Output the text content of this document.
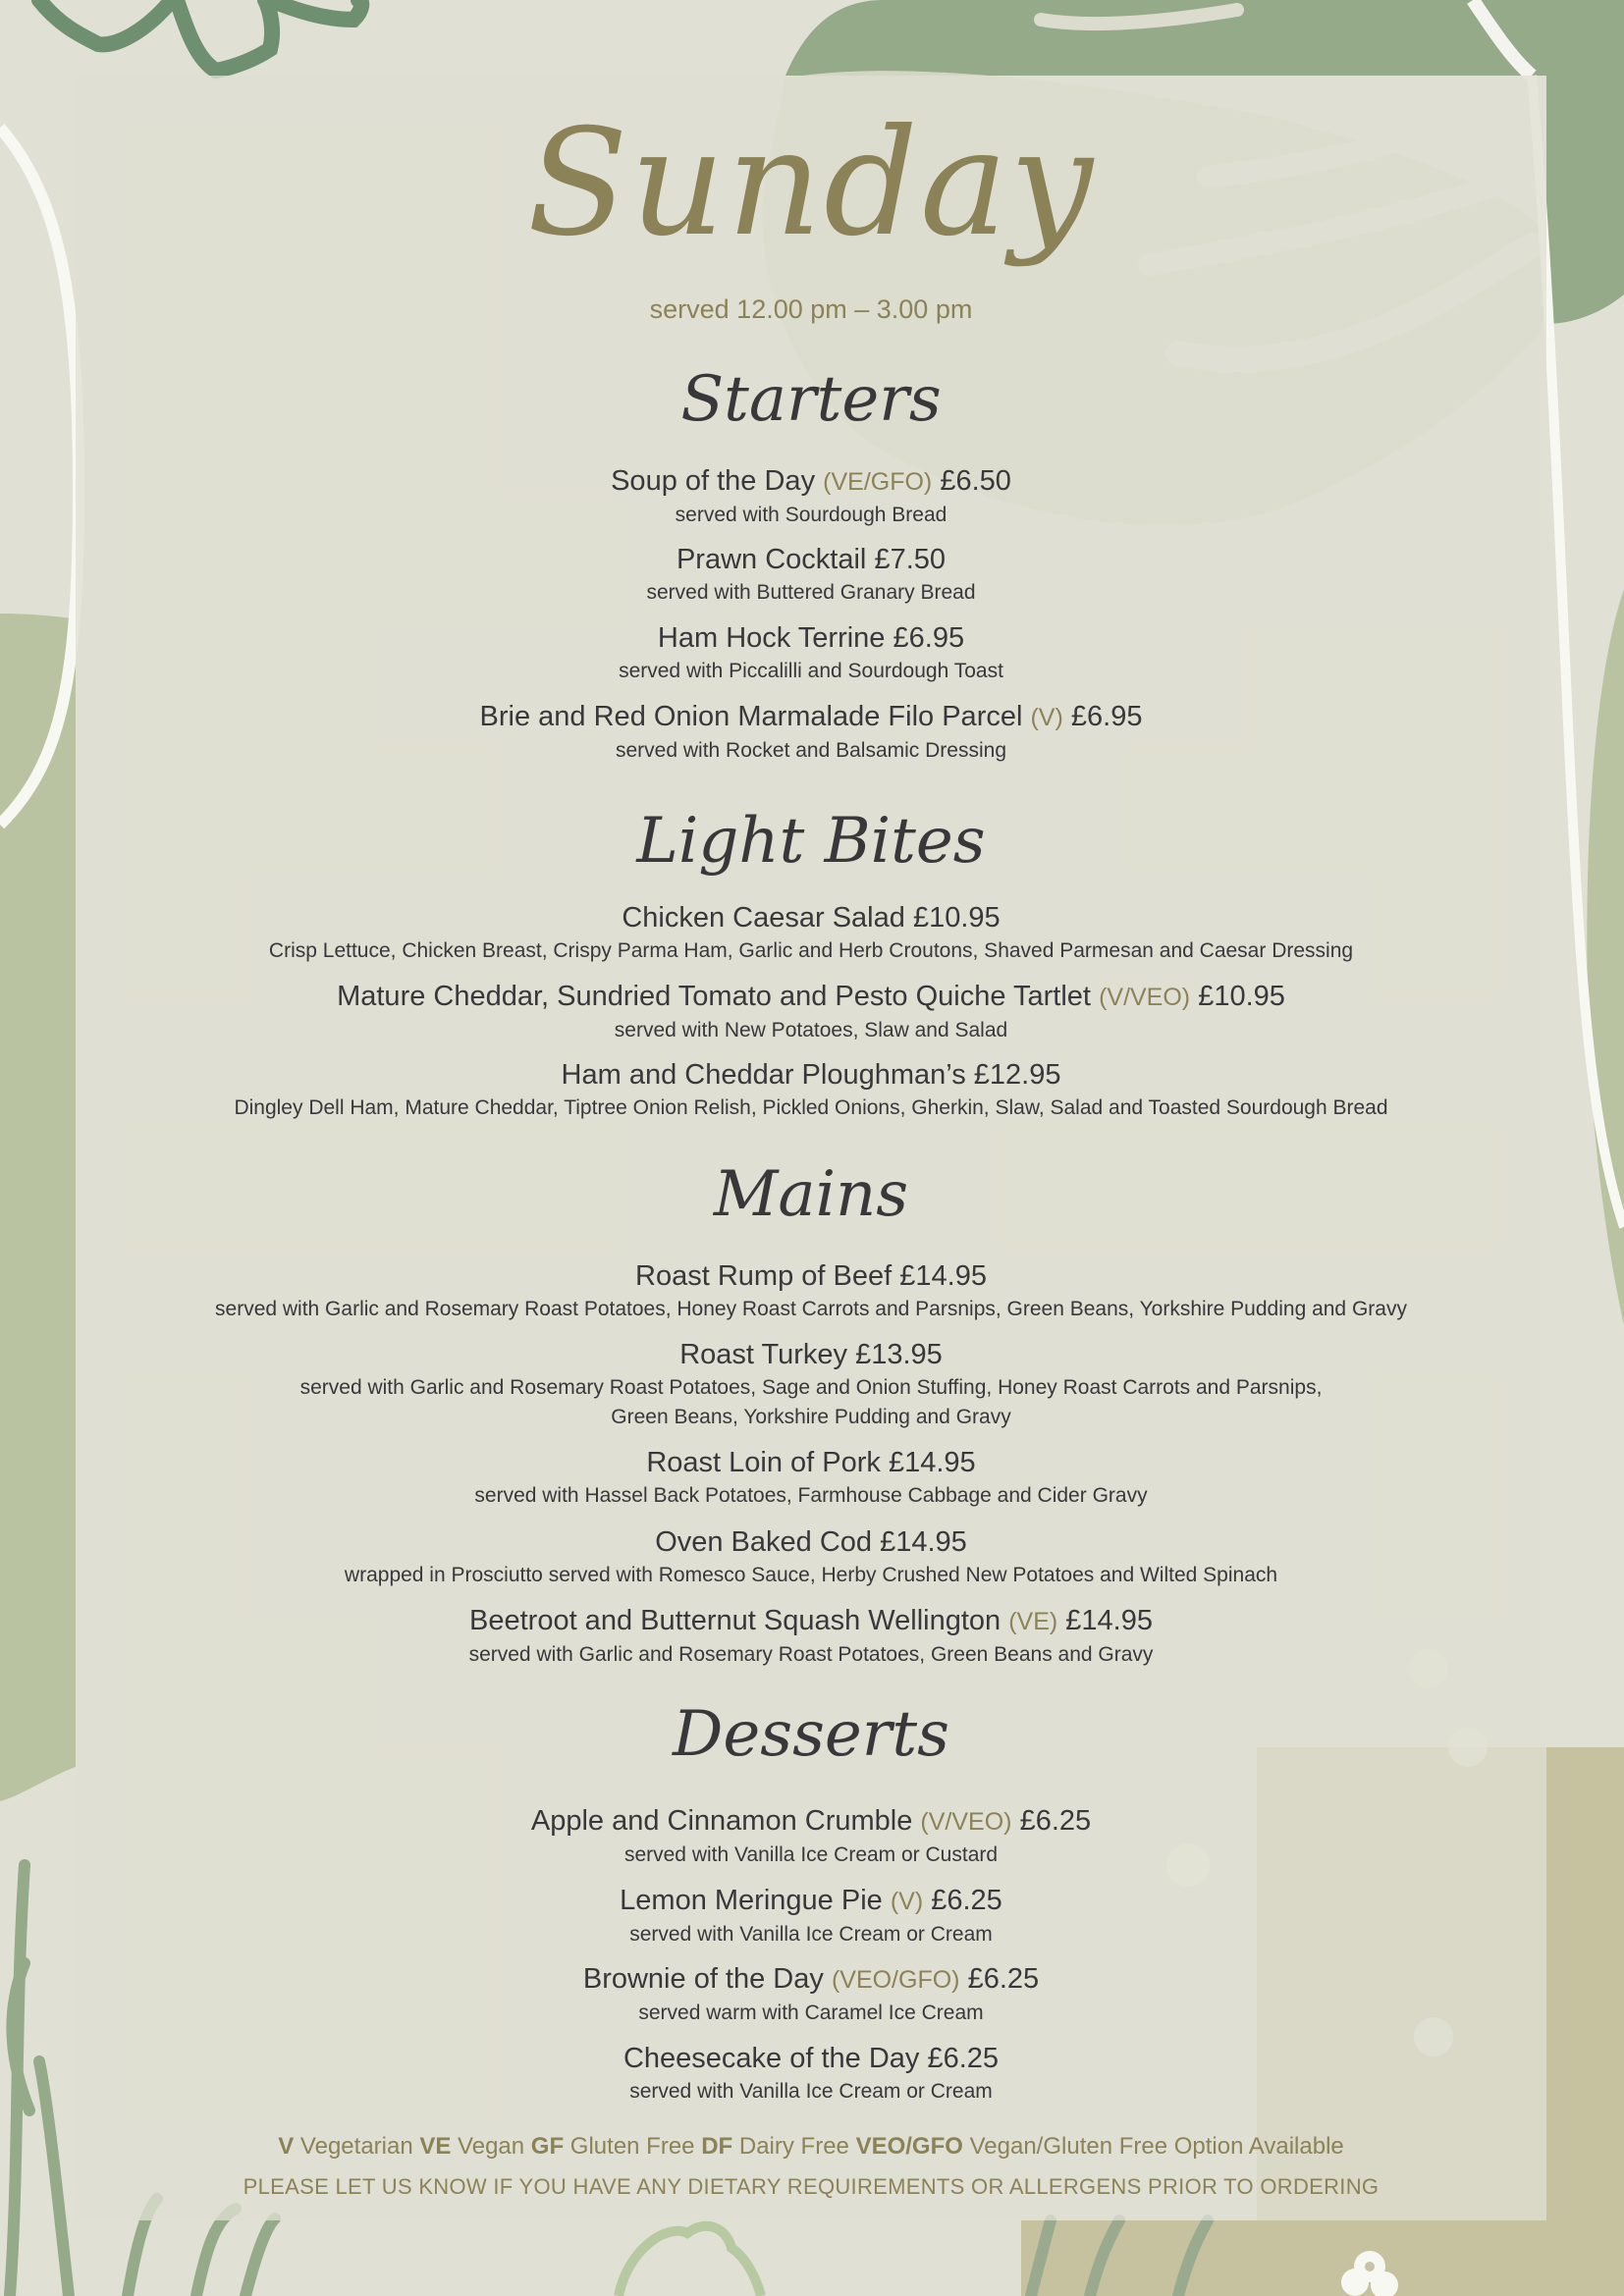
Sunday
served 12.00 pm – 3.00 pm
Starters
Soup of the Day (VE/GFO) £6.50
served with Sourdough Bread
Prawn Cocktail £7.50
served with Buttered Granary Bread
Ham Hock Terrine £6.95
served with Piccalilli and Sourdough Toast
Brie and Red Onion Marmalade Filo Parcel (V) £6.95
served with Rocket and Balsamic Dressing
Light Bites
Chicken Caesar Salad £10.95
Crisp Lettuce, Chicken Breast, Crispy Parma Ham, Garlic and Herb Croutons, Shaved Parmesan and Caesar Dressing
Mature Cheddar, Sundried Tomato and Pesto Quiche Tartlet (V/VEO) £10.95
served with New Potatoes, Slaw and Salad
Ham and Cheddar Ploughman’s £12.95
Dingley Dell Ham, Mature Cheddar, Tiptree Onion Relish, Pickled Onions, Gherkin, Slaw, Salad and Toasted Sourdough Bread
Mains
Roast Rump of Beef £14.95
served with Garlic and Rosemary Roast Potatoes, Honey Roast Carrots and Parsnips, Green Beans, Yorkshire Pudding and Gravy
Roast Turkey £13.95
served with Garlic and Rosemary Roast Potatoes, Sage and Onion Stuffing, Honey Roast Carrots and Parsnips,
Green Beans, Yorkshire Pudding and Gravy
Roast Loin of Pork £14.95
served with Hassel Back Potatoes, Farmhouse Cabbage and Cider Gravy
Oven Baked Cod £14.95
wrapped in Prosciutto served with Romesco Sauce, Herby Crushed New Potatoes and Wilted Spinach
Beetroot and Butternut Squash Wellington (VE) £14.95
served with Garlic and Rosemary Roast Potatoes, Green Beans and Gravy
Desserts
Apple and Cinnamon Crumble (V/VEO) £6.25
served with Vanilla Ice Cream or Custard
Lemon Meringue Pie (V) £6.25
served with Vanilla Ice Cream or Cream
Brownie of the Day (VEO/GFO) £6.25
served warm with Caramel Ice Cream
Cheesecake of the Day £6.25
served with Vanilla Ice Cream or Cream
V Vegetarian VE Vegan GF Gluten Free DF Dairy Free VEO/GFO Vegan/Gluten Free Option Available
PLEASE LET US KNOW IF YOU HAVE ANY DIETARY REQUIREMENTS OR ALLERGENS PRIOR TO ORDERING
